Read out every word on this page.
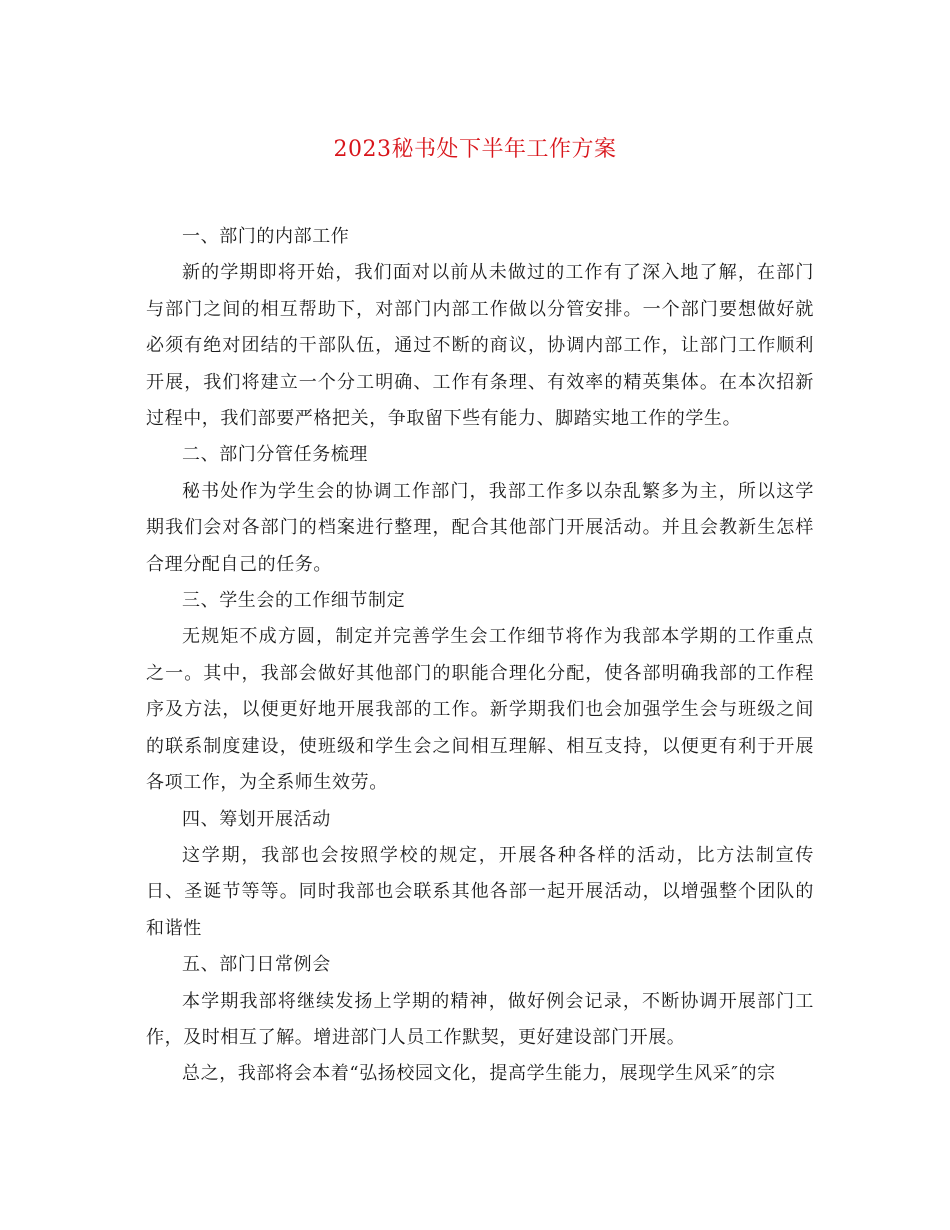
2023秘书处下半年工作方案

一、部门的内部工作

新的学期即将开始，我们面对以前从未做过的工作有了深入地了解，在部门与部门之间的相互帮助下，对部门内部工作做以分管安排。一个部门要想做好就必须有绝对团结的干部队伍，通过不断的商议，协调内部工作，让部门工作顺利开展，我们将建立一个分工明确、工作有条理、有效率的精英集体。在本次招新过程中，我们部要严格把关，争取留下些有能力、脚踏实地工作的学生。

二、部门分管任务梳理

秘书处作为学生会的协调工作部门，我部工作多以杂乱繁多为主，所以这学期我们会对各部门的档案进行整理，配合其他部门开展活动。并且会教新生怎样合理分配自己的任务。

三、学生会的工作细节制定

无规矩不成方圆，制定并完善学生会工作细节将作为我部本学期的工作重点之一。其中，我部会做好其他部门的职能合理化分配，使各部明确我部的工作程序及方法，以便更好地开展我部的工作。新学期我们也会加强学生会与班级之间的联系制度建设，使班级和学生会之间相互理解、相互支持，以便更有利于开展各项工作，为全系师生效劳。

四、筹划开展活动

这学期，我部也会按照学校的规定，开展各种各样的活动，比方法制宣传日、圣诞节等等。同时我部也会联系其他各部一起开展活动，以增强整个团队的和谐性

五、部门日常例会

本学期我部将继续发扬上学期的精神，做好例会记录，不断协调开展部门工作，及时相互了解。增进部门人员工作默契，更好建设部门开展。

总之，我部将会本着“弘扬校园文化，提高学生能力，展现学生风采″的宗
